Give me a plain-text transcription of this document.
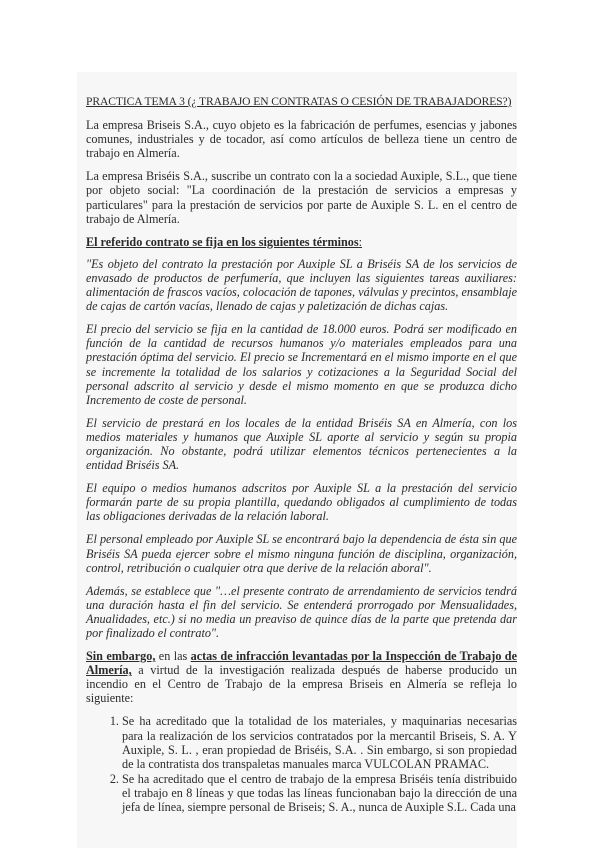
PRACTICA TEMA 3 (¿ TRABAJO EN CONTRATAS O CESIÓN DE TRABAJADORES?)

La empresa Briseis S.A., cuyo objeto es la fabricación de perfumes, esencias y jabones comunes, industriales y de tocador, así como artículos de belleza tiene un centro de trabajo en Almería.

La empresa Briséis S.A., suscribe un contrato con la a sociedad Auxiple, S.L., que tiene por objeto social: "La coordinación de la prestación de servicios a empresas y particulares" para la prestación de servicios por parte de Auxiple S. L. en el centro de trabajo de Almería.

El referido contrato se fija en los siguientes términos:

"Es objeto del contrato la prestación por Auxiple SL a Briséis SA de los servicios de envasado de productos de perfumería, que incluyen las siguientes tareas auxiliares: alimentación de frascos vacíos, colocación de tapones, válvulas y precintos, ensamblaje de cajas de cartón vacías, llenado de cajas y paletización de dichas cajas.

El precio del servicio se fija en la cantidad de 18.000 euros. Podrá ser modificado en función de la cantidad de recursos humanos y/o materiales empleados para una prestación óptima del servicio. El precio se Incrementará en el mismo importe en el que se incremente la totalidad de los salarios y cotizaciones a la Seguridad Social del personal adscrito al servicio y desde el mismo momento en que se produzca dicho Incremento de coste de personal.

El servicio de prestará en los locales de la entidad Briséis SA en Almería, con los medios materiales y humanos que Auxiple SL aporte al servicio y según su propia organización. No obstante, podrá utilizar elementos técnicos pertenecientes a la entidad Briséis SA.

El equipo o medios humanos adscritos por Auxiple SL a la prestación del servicio formarán parte de su propia plantilla, quedando obligados al cumplimiento de todas las obligaciones derivadas de la relación laboral.

El personal empleado por Auxiple SL se encontrará bajo la dependencia de ésta sin que Briséis SA pueda ejercer sobre el mismo ninguna función de disciplina, organización, control, retribución o cualquier otra que derive de la relación aboral".

Además, se establece que "…el presente contrato de arrendamiento de servicios tendrá una duración hasta el fin del servicio. Se entenderá prorrogado por Mensualidades, Anualidades, etc.) si no media un preaviso de quince días de la parte que pretenda dar por finalizado el contrato".

Sin embargo, en las actas de infracción levantadas por la Inspección de Trabajo de Almería, a virtud de la investigación realizada después de haberse producido un incendio en el Centro de Trabajo de la empresa Briseis en Almería se refleja lo siguiente:

1. Se ha acreditado que la totalidad de los materiales, y maquinarias necesarias para la realización de los servicios contratados por la mercantil Briseis, S. A. Y Auxiple, S. L. , eran propiedad de Briséis, S.A. . Sin embargo, si son propiedad de la contratista dos transpaletas manuales marca VULCOLAN PRAMAC.
2. Se ha acreditado que el centro de trabajo de la empresa Briséis tenía distribuido el trabajo en 8 líneas y que todas las líneas funcionaban bajo la dirección de una jefa de línea, siempre personal de Briseis; S. A., nunca de Auxiple S.L. Cada una
